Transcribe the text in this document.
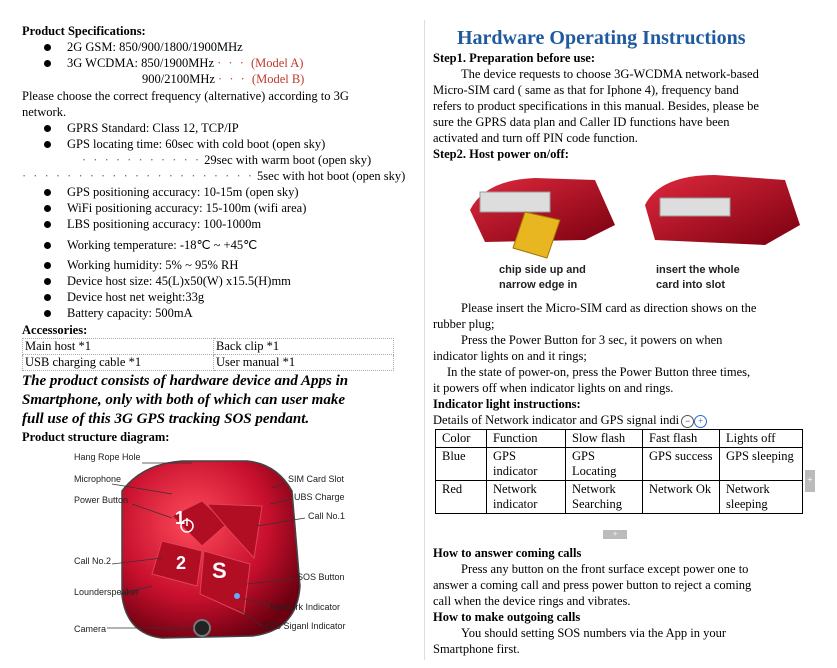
Product Specifications:
2G GSM: 850/900/1800/1900MHz
3G WCDMA: 850/1900MHz · · · (Model A)
900/2100MHz · · · (Model B)
Please choose the correct frequency (alternative) according to 3G
network.
GPRS Standard: Class 12, TCP/IP
GPS locating time: 60sec with cold boot (open sky)
· · · · · · · · · · · 29sec with warm boot (open sky)
· · · · · · · · · · · · · · · · · · · · · 5sec with hot boot (open sky)
GPS positioning accuracy: 10-15m (open sky)
WiFi positioning accuracy: 15-100m (wifi area)
LBS positioning accuracy: 100-1000m
Working temperature: -18℃ ~ +45℃
Working humidity: 5% ~ 95% RH
Device host size: 45(L)x50(W) x15.5(H)mm
Device host net weight:33g
Battery capacity: 500mA
Accessories:
Main host *1	Back clip *1
USB charging cable *1	User manual *1
The product consists of hardware device and Apps in
Smartphone, only with both of which can user make
full use of this 3G GPS tracking SOS pendant.
Product structure diagram:
1
2 S
Hang Rope Hole
Microphone
Power Button
Call No.2
Lounderspeaker
Camera
SIM Card Slot
UBS Charge
Call No.1
SOS Button
Network Indicator
GPS Siganl Indicator
Hardware Operating Instructions
Step1. Preparation before use:
The device requests to choose 3G-WCDMA network-based
Micro-SIM card ( same as that for Iphone 4), frequency band
refers to product specifications in this manual. Besides, please be
sure the GPRS data plan and Caller ID functions have been
activated and turn off PIN code function.
Step2. Host power on/off:
chip side up and
narrow edge in
insert the whole
card into slot
Please insert the Micro-SIM card as direction shows on the
rubber plug;
Press the Power Button for 3 sec, it powers on when
indicator lights on and it rings;
In the state of power-on, press the Power Button three times,
it powers off when indicator lights on and rings.
Indicator light instructions:
Details of Network indicator and GPS signal indi − +
Color	Function	Slow flash	Fast flash	Lights off
Blue	GPS indicator	GPS Locating	GPS success	GPS sleeping
Red	Network indicator	Network Searching	Network Ok	Network sleeping
+
+
How to answer coming calls
Press any button on the front surface except power one to
answer a coming call and press power button to reject a coming
call when the device rings and vibrates.
How to make outgoing calls
You should setting SOS numbers via the App in your
Smartphone first.
